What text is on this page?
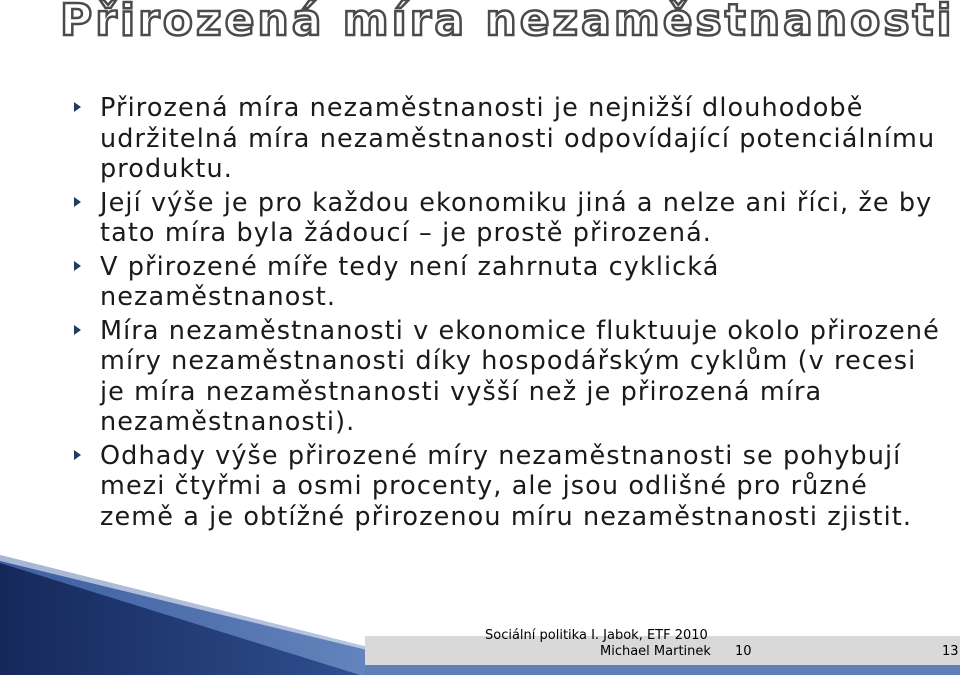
Přirozená míra nezaměstnanosti
Přirozená míra nezaměstnanosti je nejnižší dlouhodobě udržitelná míra nezaměstnanosti odpovídající potenciálnímu produktu.
Její výše je pro každou ekonomiku jiná a nelze ani říci, že by tato míra byla žádoucí – je prostě přirozená.
V přirozené míře tedy není zahrnuta cyklická nezaměstnanost.
Míra nezaměstnanosti v ekonomice fluktuuje okolo přirozené míry nezaměstnanosti díky hospodářským cyklům (v recesi je míra nezaměstnanosti vyšší než je přirozená míra nezaměstnanosti).
Odhady výše přirozené míry nezaměstnanosti se pohybují mezi čtyřmi a osmi procenty, ale jsou odlišné pro různé země a je obtížné přirozenou míru nezaměstnanosti zjistit.
Sociální politika I. Jabok, ETF 2010
Michael Martinek 10	13
